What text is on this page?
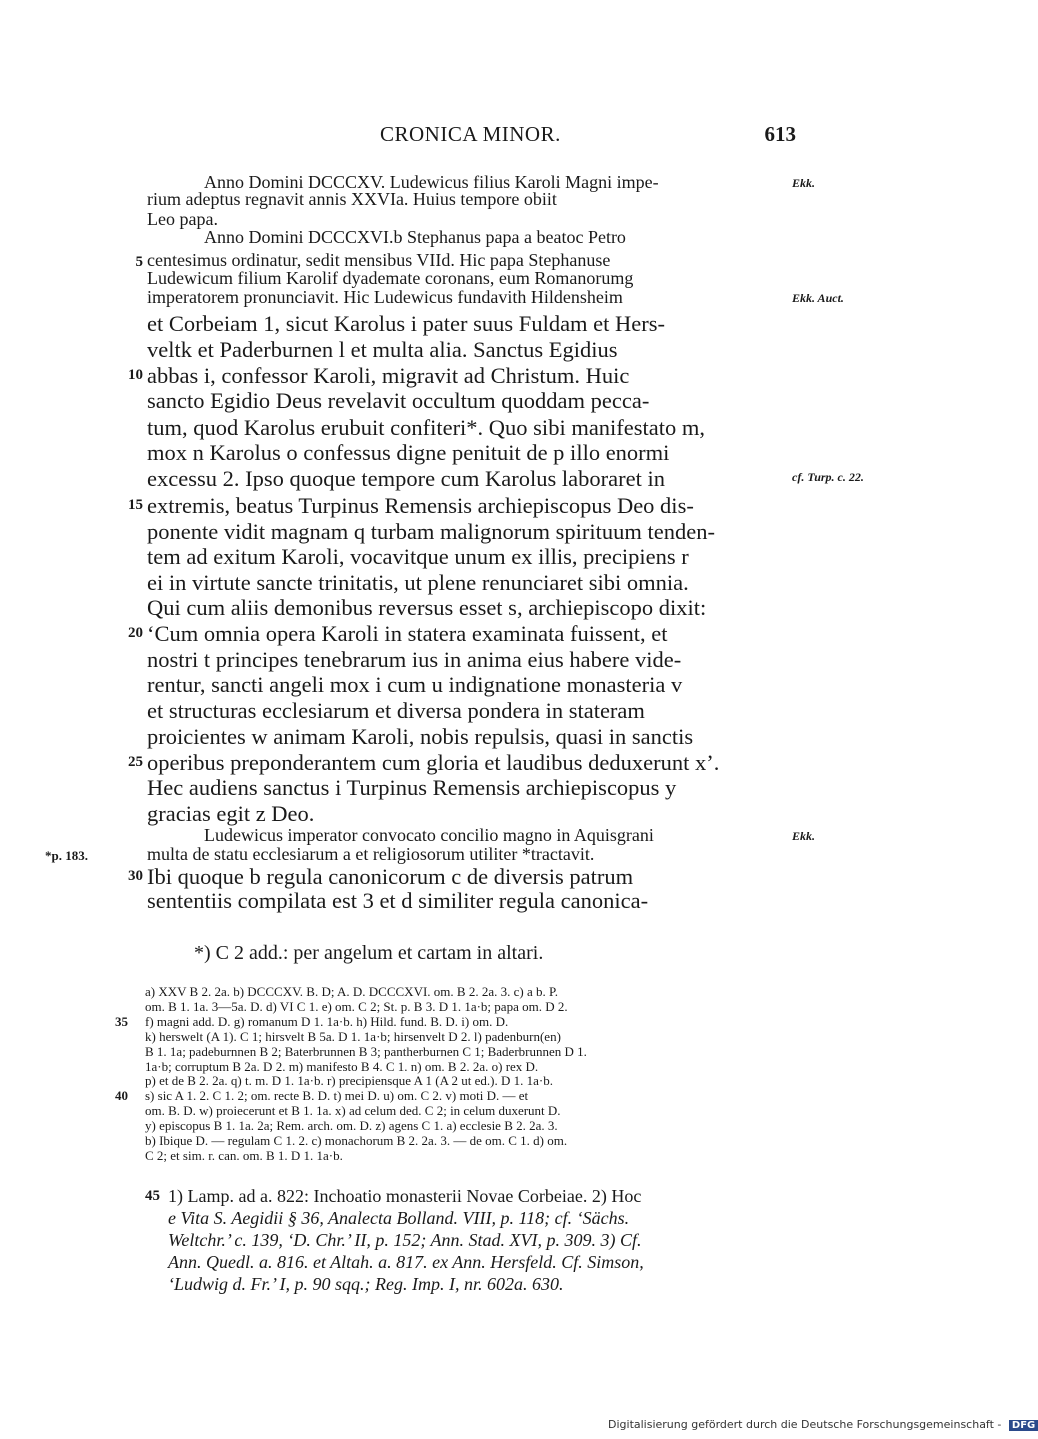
CRONICA MINOR.	613
Anno Domini DCCCXV. Ludewicus filius Karoli Magni impe-	Ekk.
rium adeptus regnavit annis XXVIa. Huius tempore obiit
Leo papa.
Anno Domini DCCCXVI.b Stephanus papa a beatoc Petro
centesimus ordinatur, sedit mensibus VIId. Hic papa Stephanuse
5
Ludewicum filium Karolif dyademate coronans, eum Romanorumg
imperatorem pronunciavit. Hic Ludewicus fundavith Hildensheim	Ekk. Auct.
et Corbeiam 1, sicut Karolus i pater suus Fuldam et Hers-
veltk et Paderburnen l et multa alia. Sanctus Egidius
abbas i, confessor Karoli, migravit ad Christum. Huic
10
sancto Egidio Deus revelavit occultum quoddam pecca-
tum, quod Karolus erubuit confiteri*. Quo sibi manifestato m,
mox n Karolus o confessus digne penituit de p illo enormi
excessu 2. Ipso quoque tempore cum Karolus laboraret in	cf. Turp. c. 22.
extremis, beatus Turpinus Remensis archiepiscopus Deo dis-
15
ponente vidit magnam q turbam malignorum spirituum tenden-
tem ad exitum Karoli, vocavitque unum ex illis, precipiens r
ei in virtute sancte trinitatis, ut plene renunciaret sibi omnia.
Qui cum aliis demonibus reversus esset s, archiepiscopo dixit:
‘Cum omnia opera Karoli in statera examinata fuissent, et
20
nostri t principes tenebrarum ius in anima eius habere vide-
rentur, sancti angeli mox i cum u indignatione monasteria v
et structuras ecclesiarum et diversa pondera in stateram
proicientes w animam Karoli, nobis repulsis, quasi in sanctis
operibus preponderantem cum gloria et laudibus deduxerunt x’.
25
Hec audiens sanctus i Turpinus Remensis archiepiscopus y
gracias egit z Deo.
Ludewicus imperator convocato concilio magno in Aquisgrani	Ekk.
multa de statu ecclesiarum a et religiosorum utiliter *tractavit.
*p. 183.
Ibi quoque b regula canonicorum c de diversis patrum
30
sententiis compilata est 3 et d similiter regula canonica-
*) C 2 add.: per angelum et cartam in altari.
a) XXV B 2. 2a. b) DCCCXV. B. D; A. D. DCCCXVI. om. B 2. 2a. 3. c) a b. P.
om. B 1. 1a. 3—5a. D. d) VI C 1. e) om. C 2; St. p. B 3. D 1. 1a·b; papa om. D 2.
f) magni add. D. g) romanum D 1. 1a·b. h) Hild. fund. B. D. i) om. D.
35
k) herswelt (A 1). C 1; hirsvelt B 5a. D 1. 1a·b; hirsenvelt D 2. l) padenburn(en)
B 1. 1a; padeburnnen B 2; Baterbrunnen B 3; pantherburnen C 1; Baderbrunnen D 1.
1a·b; corruptum B 2a. D 2. m) manifesto B 4. C 1. n) om. B 2. 2a. o) rex D.
p) et de B 2. 2a. q) t. m. D 1. 1a·b. r) precipiensque A 1 (A 2 ut ed.). D 1. 1a·b.
s) sic A 1. 2. C 1. 2; om. recte B. D. t) mei D. u) om. C 2. v) moti D. — et
40
om. B. D. w) proiecerunt et B 1. 1a. x) ad celum ded. C 2; in celum duxerunt D.
y) episcopus B 1. 1a. 2a; Rem. arch. om. D. z) agens C 1. a) ecclesie B 2. 2a. 3.
b) Ibique D. — regulam C 1. 2. c) monachorum B 2. 2a. 3. — de om. C 1. d) om.
C 2; et sim. r. can. om. B 1. D 1. 1a·b.
1) Lamp. ad a. 822: Inchoatio monasterii Novae Corbeiae. 2) Hoc
45
e Vita S. Aegidii § 36, Analecta Bolland. VIII, p. 118; cf. ‘Sächs.
Weltchr.’ c. 139, ‘D. Chr.’ II, p. 152; Ann. Stad. XVI, p. 309. 3) Cf.
Ann. Quedl. a. 816. et Altah. a. 817. ex Ann. Hersfeld. Cf. Simson,
‘Ludwig d. Fr.’ I, p. 90 sqq.; Reg. Imp. I, nr. 602a. 630.
Digitalisierung gefördert durch die Deutsche Forschungsgemeinschaft - DFG
